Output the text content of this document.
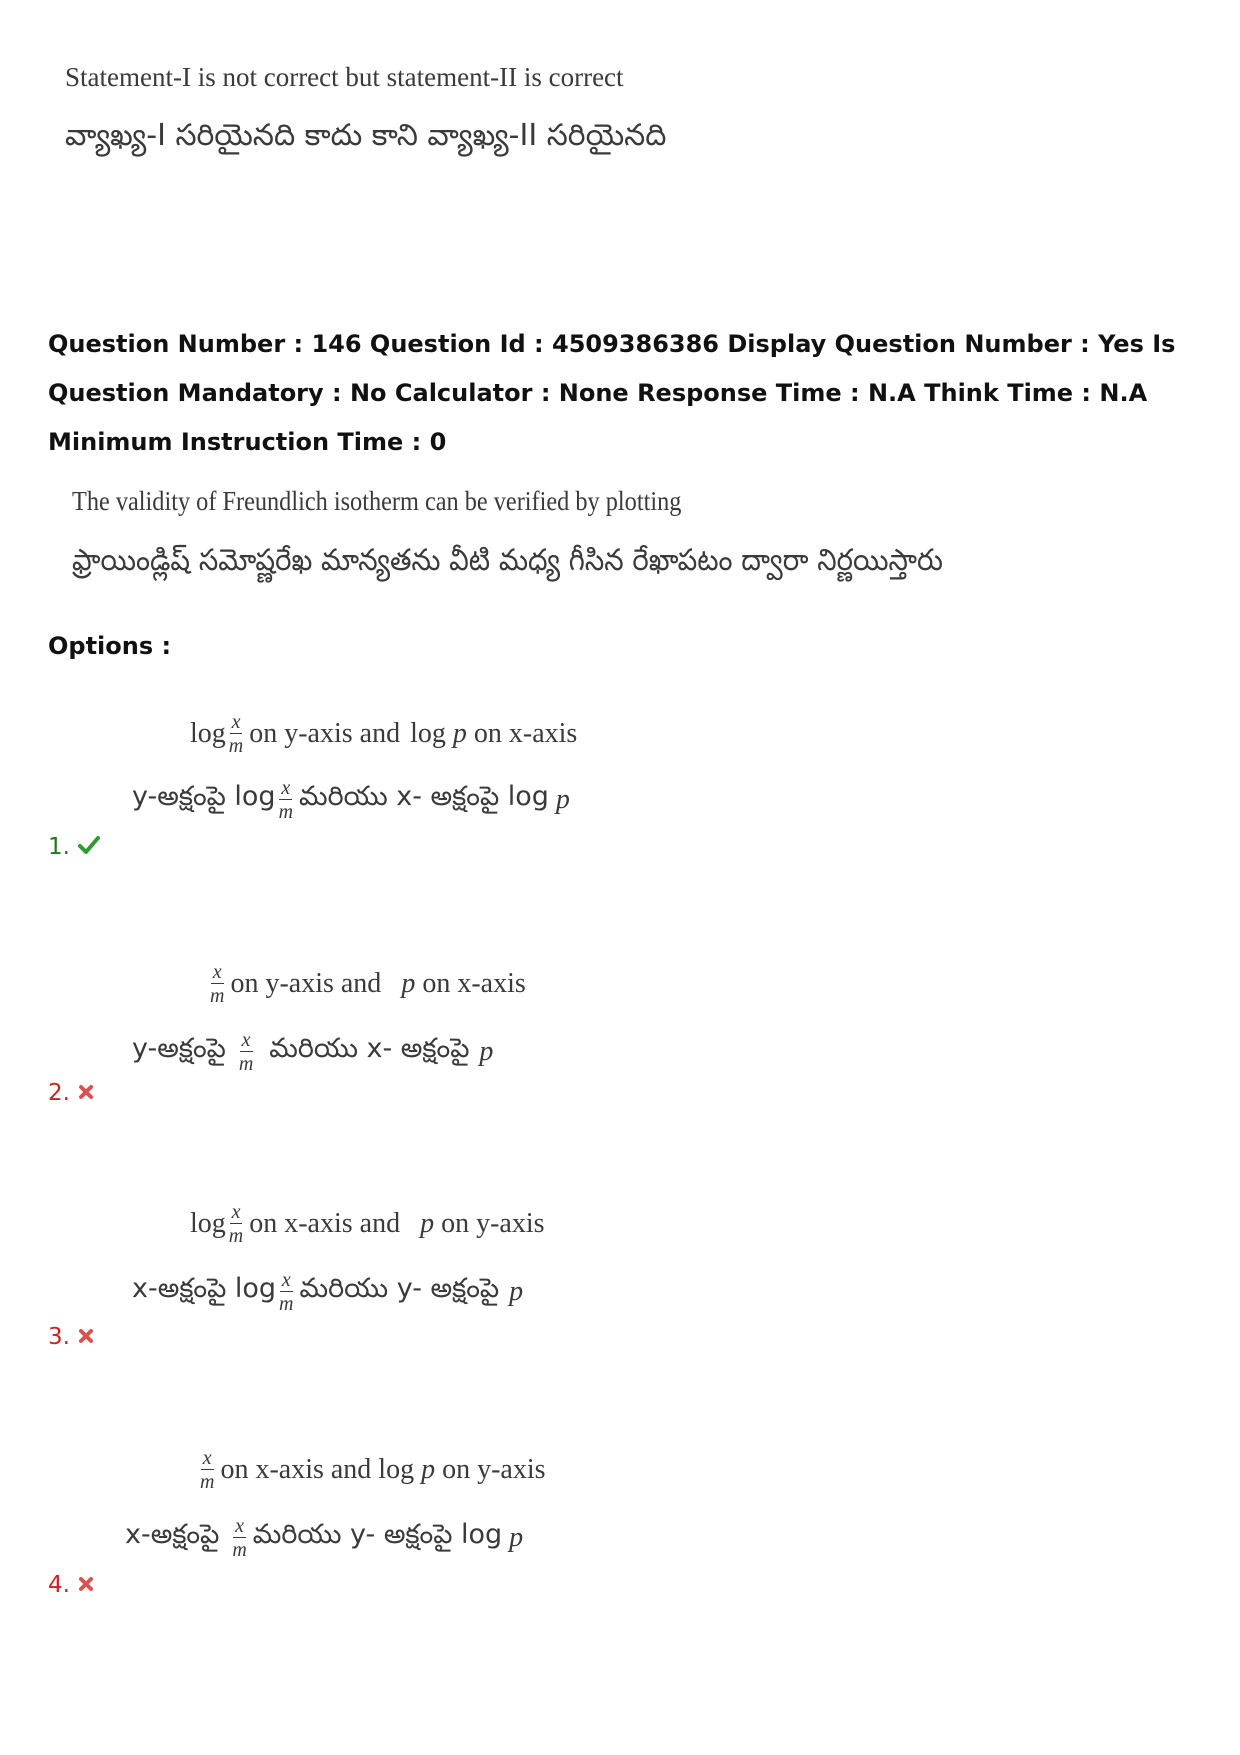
Statement-I is not correct but statement-II is correct
వ్యాఖ్య-I సరియైనది కాదు కాని వ్యాఖ్య-II సరియైనది
Question Number : 146 Question Id : 4509386386 Display Question Number : Yes Is Question Mandatory : No Calculator : None Response Time : N.A Think Time : N.A Minimum Instruction Time : 0
The validity of Freundlich isotherm can be verified by plotting
ఫ్రాయిండ్లిష్ సమోష్ణరేఖ మాన్యతను వీటి మధ్య గీసిన రేఖాపటం ద్వారా నిర్ణయిస్తారు
Options :
$\log \frac{x}{m}$ on y-axis and log
p
on x-axis
y-అక్షంపై $\log \frac{x}{m}$ మరియు x- అక్షంపై log
p
1.
$\frac{x}{m}$ on y-axis and p
on x-axis
y-అక్షంపై $\frac{x}{m}$ మరియు x- అక్షంపై p
2.
$\log \frac{x}{m}$ on x-axis and p
on y-axis
x-అక్షంపై $\log \frac{x}{m}$ మరియు y- అక్షంపై p
3.
$\frac{x}{m}$ on x-axis and log
p
on y-axis
x-అక్షంపై $\frac{x}{m}$ మరియు y- అక్షంపై log
p
4.
